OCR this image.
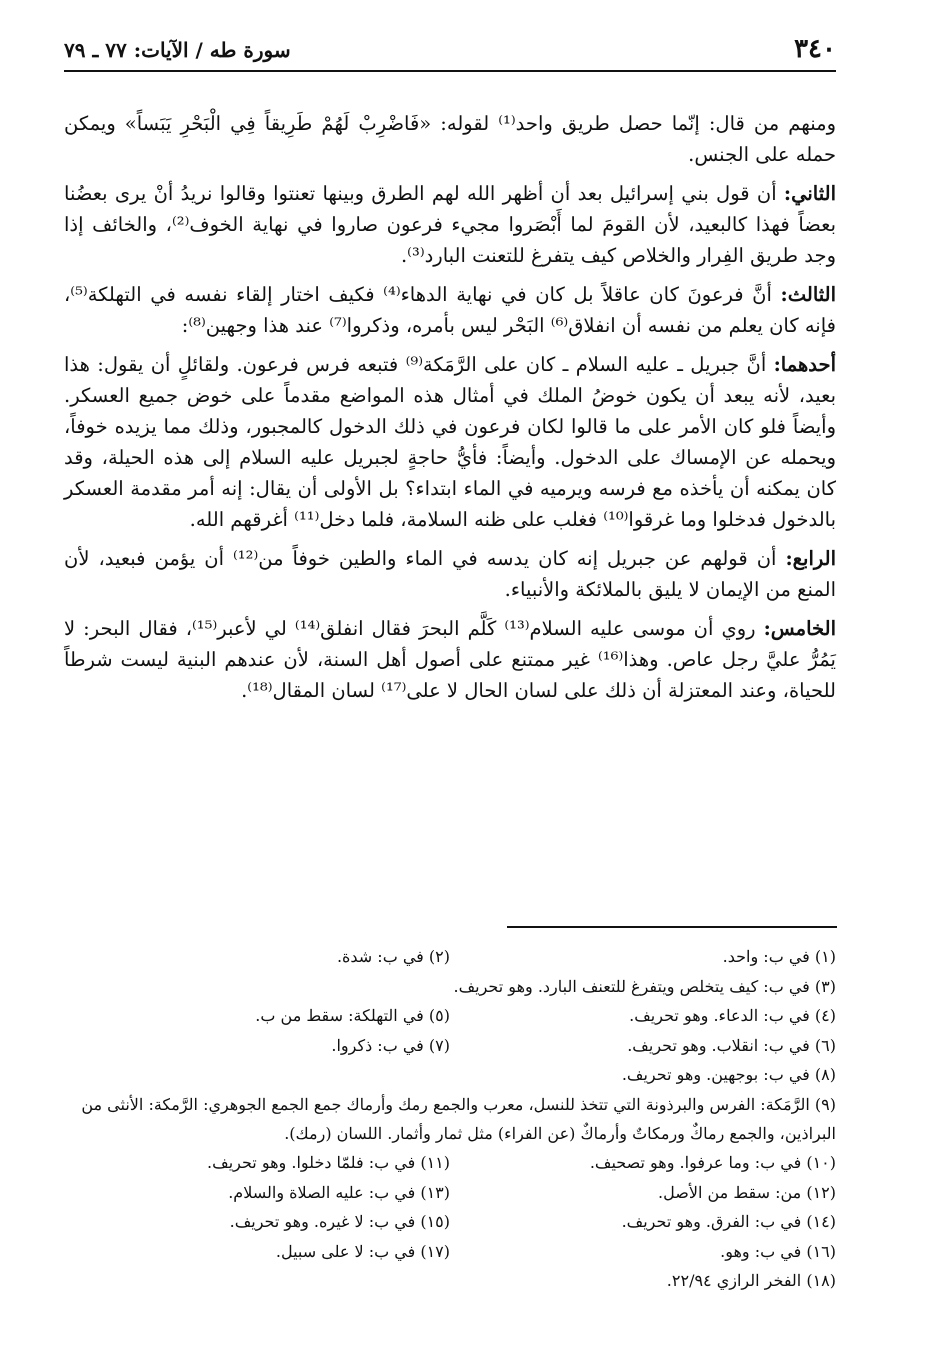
٣٤٠
سورة طه / الآيات: ٧٧ ـ ٧٩

ومنهم من قال: إنّما حصل طريق واحد⁽¹⁾ لقوله: «فَاضْرِبْ لَهُمْ طَرِيقاً فِي الْبَحْرِ يَبَساً» ويمكن حمله على الجنس.

الثاني: أن قول بني إسرائيل بعد أن أظهر الله لهم الطرق وبينها تعنتوا وقالوا نريدُ أنْ يرى بعضُنا بعضاً فهذا كالبعيد، لأن القومَ لما أَبْصَروا مجيء فرعون صاروا في نهاية الخوف⁽²⁾، والخائف إذا وجد طريق الفِرار والخلاص كيف يتفرغ للتعنت البارد⁽³⁾.

الثالث: أنَّ فرعونَ كان عاقلاً بل كان في نهاية الدهاء⁽⁴⁾ فكيف اختار إلقاء نفسه في التهلكة⁽⁵⁾، فإنه كان يعلم من نفسه أن انفلاق⁽⁶⁾ البَحْر ليس بأمره، وذكروا⁽⁷⁾ عند هذا وجهين⁽⁸⁾:

أحدهما: أنَّ جبريل ـ عليه السلام ـ كان على الرَّمَكة⁽⁹⁾ فتبعه فرس فرعون. ولقائلٍ أن يقول: هذا بعيد، لأنه يبعد أن يكون خوضُ الملك في أمثال هذه المواضع مقدماً على خوض جميع العسكر. وأيضاً فلو كان الأمر على ما قالوا لكان فرعون في ذلك الدخول كالمجبور، وذلك مما يزيده خوفاً، ويحمله عن الإمساك على الدخول. وأيضاً: فأيُّ حاجةٍ لجبريل عليه السلام إلى هذه الحيلة، وقد كان يمكنه أن يأخذه مع فرسه ويرميه في الماء ابتداء؟ بل الأولى أن يقال: إنه أمر مقدمة العسكر بالدخول فدخلوا وما غرقوا⁽¹⁰⁾ فغلب على ظنه السلامة، فلما دخل⁽¹¹⁾ أغرقهم الله.

الرابع: أن قولهم عن جبريل إنه كان يدسه في الماء والطين خوفاً من⁽¹²⁾ أن يؤمن فبعيد، لأن المنع من الإيمان لا يليق بالملائكة والأنبياء.

الخامس: روي أن موسى عليه السلام⁽¹³⁾ كَلَّم البحرَ فقال انفلق⁽¹⁴⁾ لي لأعبر⁽¹⁵⁾، فقال البحر: لا يَمُرُّ عليَّ رجل عاص. وهذا⁽¹⁶⁾ غير ممتنع على أصول أهل السنة، لأن عندهم البنية ليست شرطاً للحياة، وعند المعتزلة أن ذلك على لسان الحال لا على⁽¹⁷⁾ لسان المقال⁽¹⁸⁾.

(١) في ب: واحد.
(٢) في ب: شدة.
(٣) في ب: كيف يتخلص ويتفرغ للتعنف البارد. وهو تحريف.
(٤) في ب: الدعاء. وهو تحريف.
(٥) في التهلكة: سقط من ب.
(٦) في ب: انقلاب. وهو تحريف.
(٧) في ب: ذكروا.
(٨) في ب: بوجهين. وهو تحريف.
(٩) الرَّمَكة: الفرس والبرذونة التي تتخذ للنسل، معرب والجمع رمك وأرماك جمع الجمع الجوهري: الرَّمكة: الأنثى من البراذين، والجمع رماكٌ ورمكاتٌ وأرماكٌ (عن الفراء) مثل ثمار وأثمار. اللسان (رمك).
(١٠) في ب: وما عرفوا. وهو تصحيف.
(١١) في ب: فلمّا دخلوا. وهو تحريف.
(١٢) من: سقط من الأصل.
(١٣) في ب: عليه الصلاة والسلام.
(١٤) في ب: الفرق. وهو تحريف.
(١٥) في ب: لا غيره. وهو تحريف.
(١٦) في ب: وهو.
(١٧) في ب: لا على سبيل.
(١٨) الفخر الرازي ٢٢/٩٤.
